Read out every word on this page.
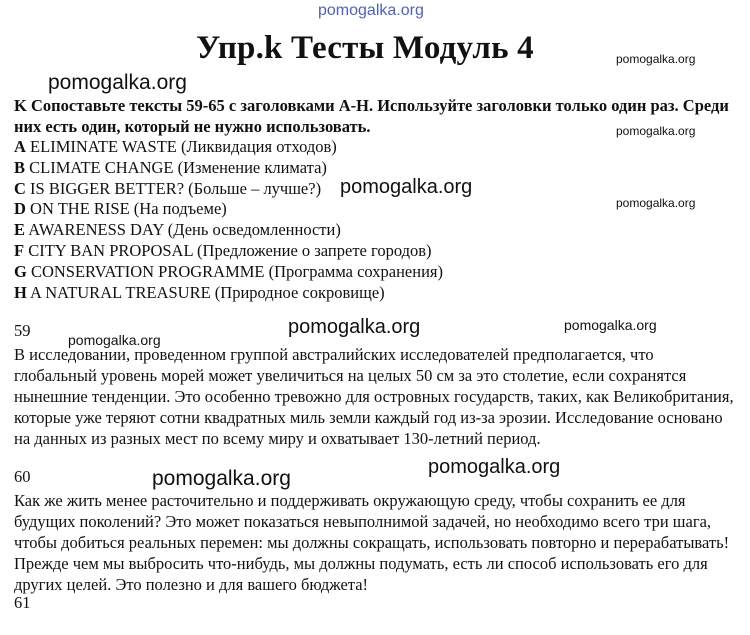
pomogalka.org
Упр.k Тесты Модуль 4	pomogalka.org
pomogalka.org

K Сопоставьте тексты 59-65 с заголовками A-H. Используйте заголовки только один раз. Среди них есть один, который не нужно использовать.	pomogalka.org
A ELIMINATE WASTE (Ликвидация отходов)
B CLIMATE CHANGE (Изменение климата)
C IS BIGGER BETTER? (Больше – лучше?)
D ON THE RISE (На подъеме)
E AWARENESS DAY (День осведомленности)
F CITY BAN PROPOSAL (Предложение о запрете городов)
G CONSERVATION PROGRAMME (Программа сохранения)
H A NATURAL TREASURE (Природное сокровище)
pomogalka.org
pomogalka.org
59	pomogalka.org
pomogalka.org	pomogalka.org

В исследовании, проведенном группой австралийских исследователей предполагается, что глобальный уровень морей может увеличиться на целых 50 см за это столетие, если сохранятся нынешние тенденции. Это особенно тревожно для островных государств, таких, как Великобритания, которые уже теряют сотни квадратных миль земли каждый год из-за эрозии. Исследование основано на данных из разных мест по всему миру и охватывает 130-летний период.

60	pomogalka.org	pomogalka.org

Как же жить менее расточительно и поддерживать окружающую среду, чтобы сохранить ее для будущих поколений? Это может показаться невыполнимой задачей, но необходимо всего три шага, чтобы добиться реальных перемен: мы должны сокращать, использовать повторно и перерабатывать! Прежде чем мы выбросить что-нибудь, мы должны подумать, есть ли способ использовать его для других целей. Это полезно и для вашего бюджета!

61
